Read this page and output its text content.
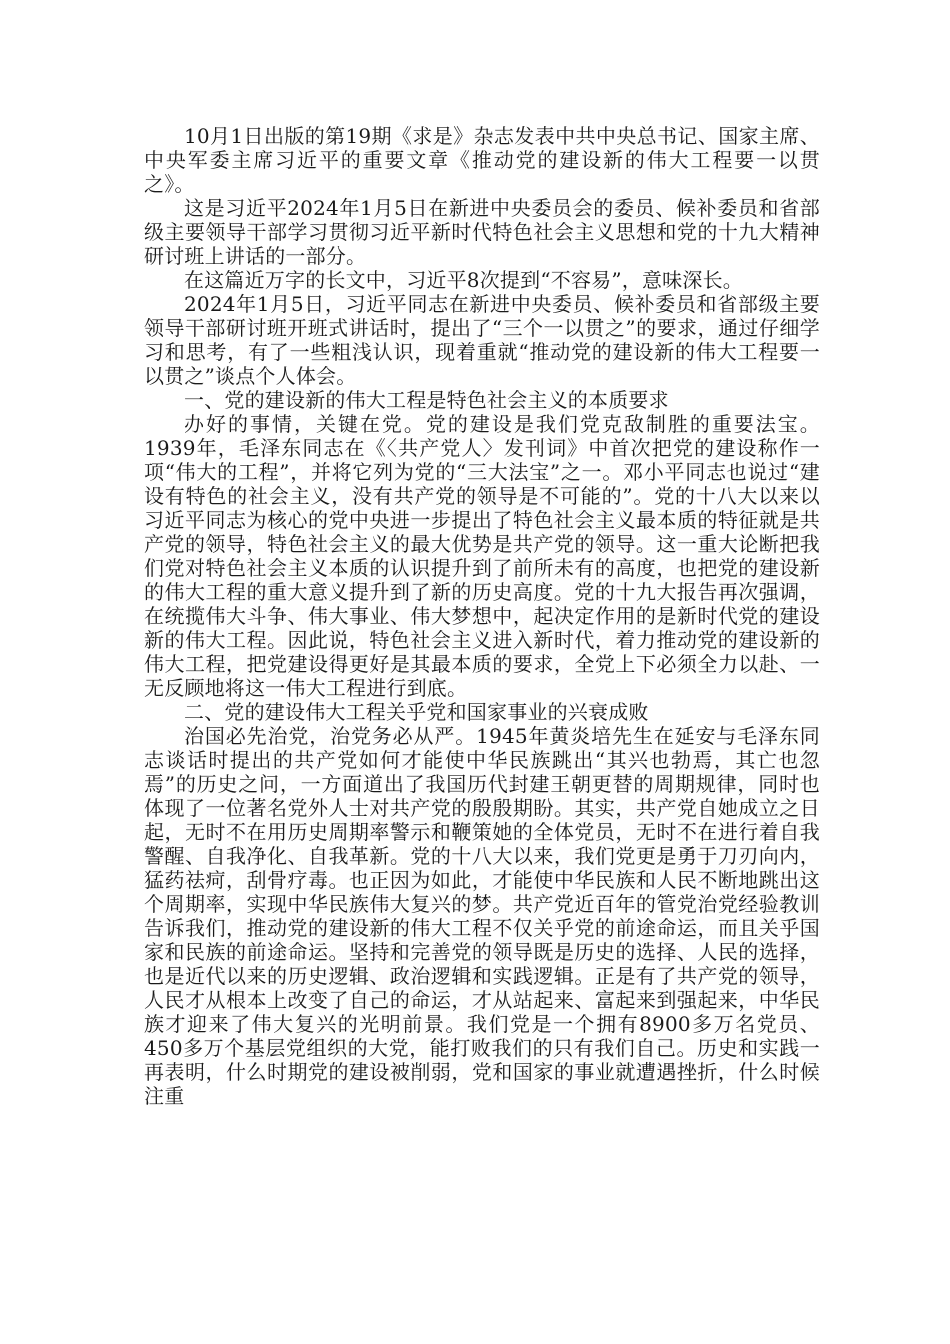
10月1日出版的第19期《求是》杂志发表中共中央总书记、国家主席、中央军委主席习近平的重要文章《推动党的建设新的伟大工程要一以贯之》。

这是习近平2024年1月5日在新进中央委员会的委员、候补委员和省部级主要领导干部学习贯彻习近平新时代特色社会主义思想和党的十九大精神研讨班上讲话的一部分。

在这篇近万字的长文中，习近平8次提到“不容易”，意味深长。

2024年1月5日，习近平同志在新进中央委员、候补委员和省部级主要领导干部研讨班开班式讲话时，提出了“三个一以贯之”的要求，通过仔细学习和思考，有了一些粗浅认识，现着重就“推动党的建设新的伟大工程要一以贯之”谈点个人体会。

一、党的建设新的伟大工程是特色社会主义的本质要求

办好的事情，关键在党。党的建设是我们党克敌制胜的重要法宝。1939年，毛泽东同志在《〈共产党人〉发刊词》中首次把党的建设称作一项“伟大的工程”，并将它列为党的“三大法宝”之一。邓小平同志也说过“建设有特色的社会主义，没有共产党的领导是不可能的”。党的十八大以来以习近平同志为核心的党中央进一步提出了特色社会主义最本质的特征就是共产党的领导，特色社会主义的最大优势是共产党的领导。这一重大论断把我们党对特色社会主义本质的认识提升到了前所未有的高度，也把党的建设新的伟大工程的重大意义提升到了新的历史高度。党的十九大报告再次强调，在统揽伟大斗争、伟大事业、伟大梦想中，起决定作用的是新时代党的建设新的伟大工程。因此说，特色社会主义进入新时代，着力推动党的建设新的伟大工程，把党建设得更好是其最本质的要求，全党上下必须全力以赴、一无反顾地将这一伟大工程进行到底。

二、党的建设伟大工程关乎党和国家事业的兴衰成败

治国必先治党，治党务必从严。1945年黄炎培先生在延安与毛泽东同志谈话时提出的共产党如何才能使中华民族跳出“其兴也勃焉，其亡也忽焉”的历史之问，一方面道出了我国历代封建王朝更替的周期规律，同时也体现了一位著名党外人士对共产党的殷殷期盼。其实，共产党自她成立之日起，无时不在用历史周期率警示和鞭策她的全体党员，无时不在进行着自我警醒、自我净化、自我革新。党的十八大以来，我们党更是勇于刀刃向内，猛药祛疴，刮骨疗毒。也正因为如此，才能使中华民族和人民不断地跳出这个周期率，实现中华民族伟大复兴的梦。共产党近百年的管党治党经验教训告诉我们，推动党的建设新的伟大工程不仅关乎党的前途命运，而且关乎国家和民族的前途命运。坚持和完善党的领导既是历史的选择、人民的选择，也是近代以来的历史逻辑、政治逻辑和实践逻辑。正是有了共产党的领导，人民才从根本上改变了自己的命运，才从站起来、富起来到强起来，中华民族才迎来了伟大复兴的光明前景。我们党是一个拥有8900多万名党员、450多万个基层党组织的大党，能打败我们的只有我们自己。历史和实践一再表明，什么时期党的建设被削弱，党和国家的事业就遭遇挫折，什么时候注重
